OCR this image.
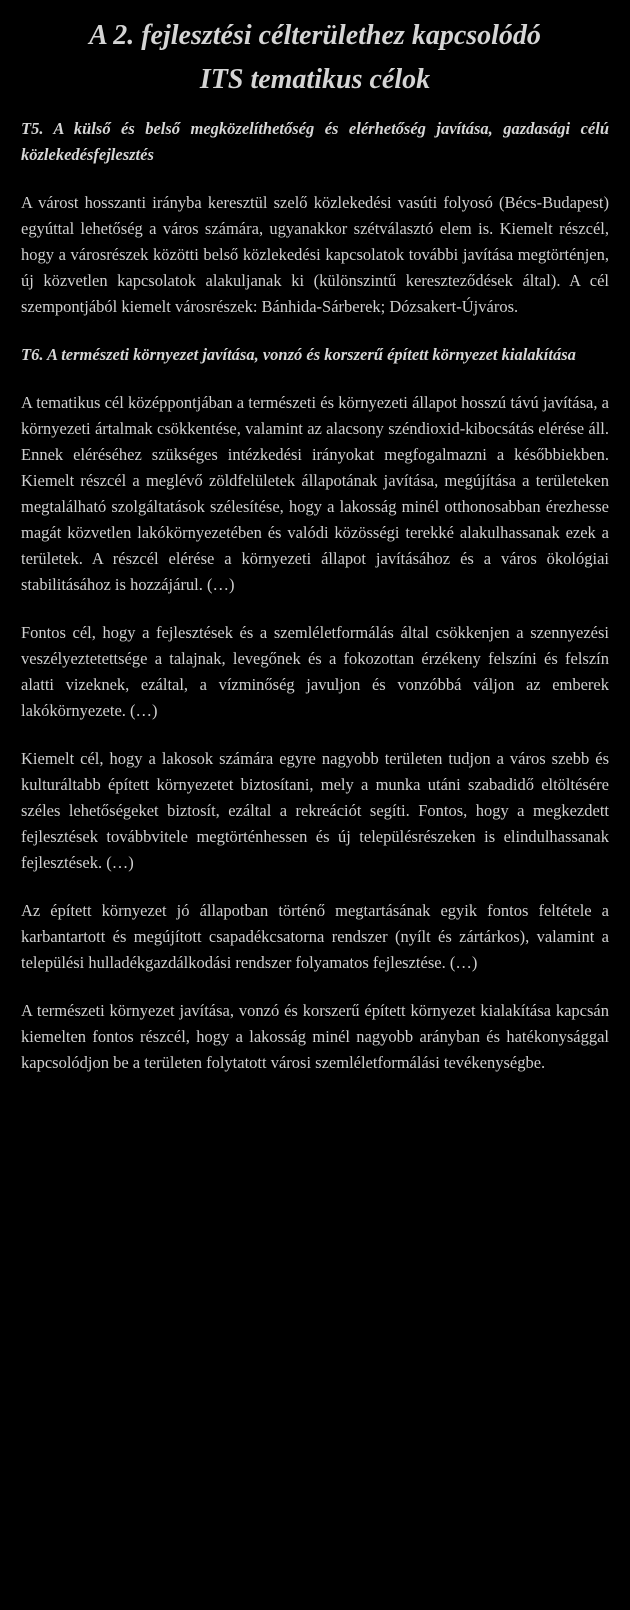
A 2. fejlesztési célterülethez kapcsolódó
ITS tematikus célok
T5. A külső és belső megközelíthetőség és elérhetőség javítása, gazdasági célú közlekedésfejlesztés

A várost hosszanti irányba keresztül szelő közlekedési vasúti folyosó (Bécs-Budapest) egyúttal lehetőség a város számára, ugyanakkor szétválasztó elem is. Kiemelt részcél, hogy a városrészek közötti belső közlekedési kapcsolatok további javítása megtörténjen, új közvetlen kapcsolatok alakuljanak ki (különszintű kereszteződések által). A cél szempontjából kiemelt városrészek: Bánhida-Sárberek; Dózsakert-Újváros.

T6. A természeti környezet javítása, vonzó és korszerű épített környezet kialakítása

A tematikus cél középpontjában a természeti és környezeti állapot hosszú távú javítása, a környezeti ártalmak csökkentése, valamint az alacsony széndioxid-kibocsátás elérése áll. Ennek eléréséhez szükséges intézkedési irányokat megfogalmazni a későbbiekben. Kiemelt részcél a meglévő zöldfelületek állapotának javítása, megújítása a területeken megtalálható szolgáltatások szélesítése, hogy a lakosság minél otthonosabban érezhesse magát közvetlen lakókörnyezetében és valódi közösségi terekké alakulhassanak ezek a területek. A részcél elérése a környezeti állapot javításához és a város ökológiai stabilitásához is hozzájárul. (…)

Fontos cél, hogy a fejlesztések és a szemléletformálás által csökkenjen a szennyezési veszélyeztetettsége a talajnak, levegőnek és a fokozottan érzékeny felszíni és felszín alatti vizeknek, ezáltal, a vízminőség javuljon és vonzóbbá váljon az emberek lakókörnyezete. (…)

Kiemelt cél, hogy a lakosok számára egyre nagyobb területen tudjon a város szebb és kulturáltabb épített környezetet biztosítani, mely a munka utáni szabadidő eltöltésére széles lehetőségeket biztosít, ezáltal a rekreációt segíti. Fontos, hogy a megkezdett fejlesztések továbbvitele megtörténhessen és új településrészeken is elindulhassanak fejlesztések. (…)

Az épített környezet jó állapotban történő megtartásának egyik fontos feltétele a karbantartott és megújított csapadékcsatorna rendszer (nyílt és zártárkos), valamint a települési hulladékgazdálkodási rendszer folyamatos fejlesztése. (…)

A természeti környezet javítása, vonzó és korszerű épített környezet kialakítása kapcsán kiemelten fontos részcél, hogy a lakosság minél nagyobb arányban és hatékonysággal kapcsolódjon be a területen folytatott városi szemléletformálási tevékenységbe.
